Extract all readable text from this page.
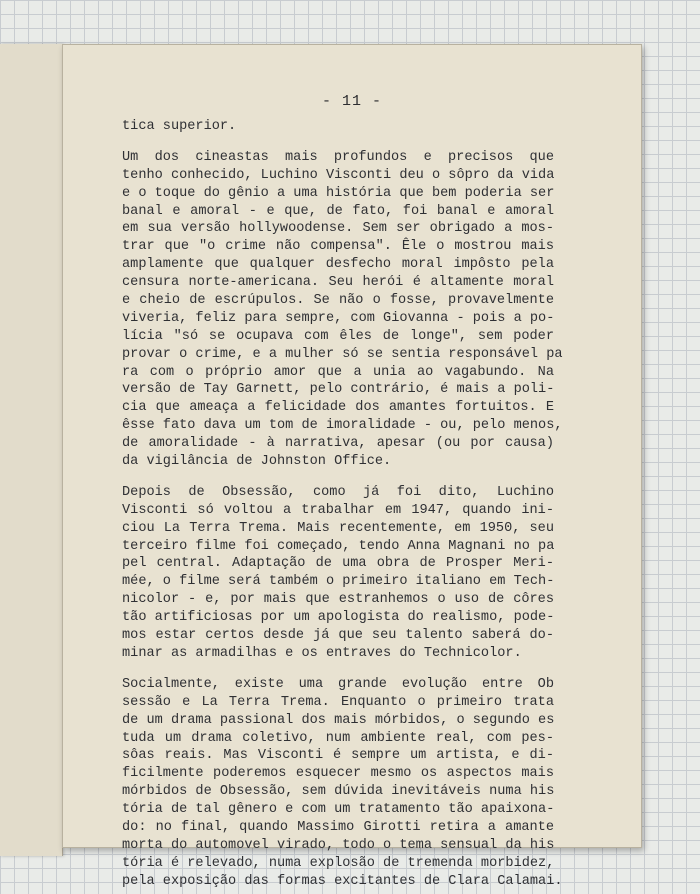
- 11 -
tica superior.
Um dos cineastas mais profundos e precisos que
tenho conhecido, Luchino Visconti deu o sôpro da vida
e o toque do gênio a uma história que bem poderia ser
banal e amoral - e que, de fato, foi banal e amoral
em sua versão hollywoodense. Sem ser obrigado a mos-
trar que "o crime não compensa". Êle o mostrou mais
amplamente que qualquer desfecho moral impôsto pela
censura norte-americana. Seu herói é altamente moral
e cheio de escrúpulos. Se não o fosse, provavelmente
viveria, feliz para sempre, com Giovanna - pois a po-
lícia "só se ocupava com êles de longe", sem poder
provar o crime, e a mulher só se sentia responsável pa
ra com o próprio amor que a unia ao vagabundo. Na
versão de Tay Garnett, pelo contrário, é mais a poli-
cia que ameaça a felicidade dos amantes fortuitos. E
êsse fato dava um tom de imoralidade - ou, pelo menos,
de amoralidade - à narrativa, apesar (ou por causa)
da vigilância de Johnston Office.
Depois de Obsessão, como já foi dito, Luchino
Visconti só voltou a trabalhar em 1947, quando ini-
ciou La Terra Trema. Mais recentemente, em 1950, seu
terceiro filme foi começado, tendo Anna Magnani no pa
pel central. Adaptação de uma obra de Prosper Meri-
mée, o filme será também o primeiro italiano em Tech-
nicolor - e, por mais que estranhemos o uso de côres
tão artificiosas por um apologista do realismo, pode-
mos estar certos desde já que seu talento saberá do-
minar as armadilhas e os entraves do Technicolor.
Socialmente, existe uma grande evolução entre Ob
sessão e La Terra Trema. Enquanto o primeiro trata
de um drama passional dos mais mórbidos, o segundo es
tuda um drama coletivo, num ambiente real, com pes-
sôas reais. Mas Visconti é sempre um artista, e di-
ficilmente poderemos esquecer mesmo os aspectos mais
mórbidos de Obsessão, sem dúvida inevitáveis numa his
tória de tal gênero e com um tratamento tão apaixona-
do: no final, quando Massimo Girotti retira a amante
morta do automovel virado, todo o tema sensual da his
tória é relevado, numa explosão de tremenda morbidez,
pela exposição das formas excitantes de Clara Calamai.
